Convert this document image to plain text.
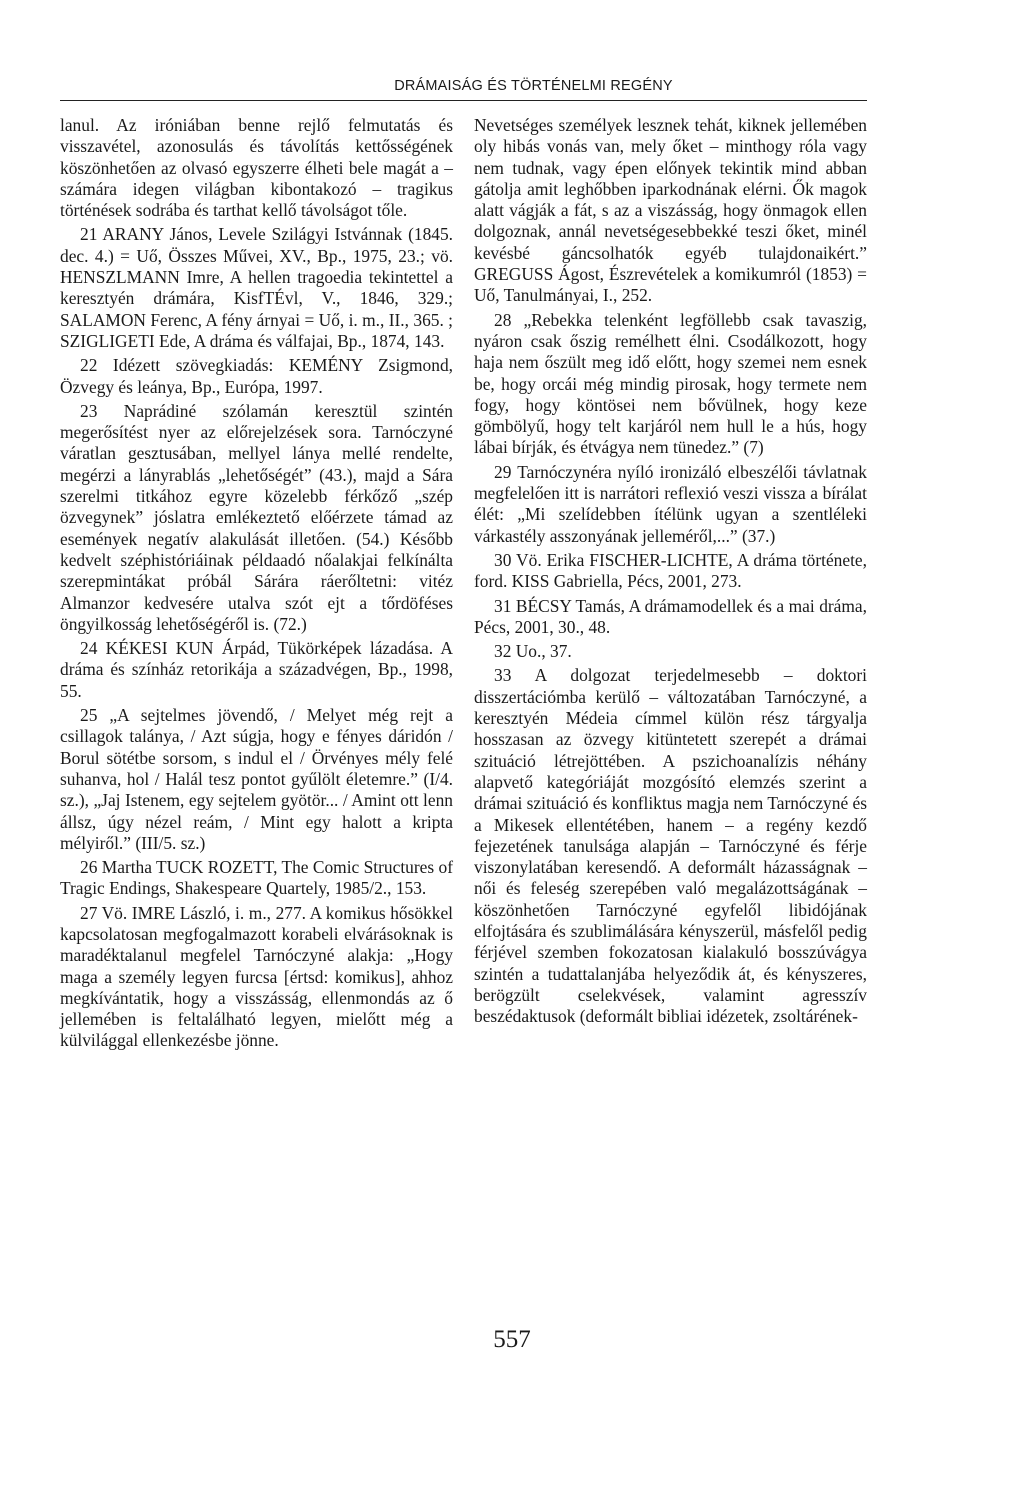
DRÁMAISÁG ÉS TÖRTÉNELMI REGÉNY

lanul. Az iróniában benne rejlő felmutatás és visszavétel, azonosulás és távolítás kettősségének köszönhetően az olvasó egyszerre élheti bele magát a – számára idegen világban kibontakozó – tragikus történések sodrába és tarthat kellő távolságot tőle.

21 ARANY János, Levele Szilágyi Istvánnak (1845. dec. 4.) = Uő, Összes Művei, XV., Bp., 1975, 23.; vö. HENSZLMANN Imre, A hellen tragoedia tekintettel a keresztyén drámára, KisfTÉvl, V., 1846, 329.; SALAMON Ferenc, A fény árnyai = Uő, i. m., II., 365. ; SZIGLIGETI Ede, A dráma és válfajai, Bp., 1874, 143.

22 Idézett szövegkiadás: KEMÉNY Zsigmond, Özvegy és leánya, Bp., Európa, 1997.

23 Naprádiné szólamán keresztül szintén megerősítést nyer az előrejelzések sora. Tarnóczyné váratlan gesztusában, mellyel lánya mellé rendelte, megérzi a lányrablás „lehetőségét” (43.), majd a Sára szerelmi titkához egyre közelebb férkőző „szép özvegynek” jóslatra emlékeztető előérzete támad az események negatív alakulását illetően. (54.) Később kedvelt széphistóriáinak példaadó nőalakjai felkínálta szerepmintákat próbál Sárára ráerőltetni: vitéz Almanzor kedvesére utalva szót ejt a tőrdöféses öngyilkosság lehetőségéről is. (72.)

24 KÉKESI KUN Árpád, Tükörképek lázadása. A dráma és színház retorikája a századvégen, Bp., 1998, 55.

25 „A sejtelmes jövendő, / Melyet még rejt a csillagok talánya, / Azt súgja, hogy e fényes dáridón / Borul sötétbe sorsom, s indul el / Örvényes mély felé suhanva, hol / Halál tesz pontot gyűlölt életemre.” (I/4. sz.), „Jaj Istenem, egy sejtelem gyötör... / Amint ott lenn állsz, úgy nézel reám, / Mint egy halott a kripta mélyiről.” (III/5. sz.)

26 Martha TUCK ROZETT, The Comic Structures of Tragic Endings, Shakespeare Quartely, 1985/2., 153.

27 Vö. IMRE László, i. m., 277. A komikus hősökkel kapcsolatosan megfogalmazott korabeli elvárásoknak is maradéktalanul megfelel Tarnóczyné alakja: „Hogy maga a személy legyen furcsa [értsd: komikus], ahhoz megkívántatik, hogy a visszásság, ellenmondás az ő jellemében is feltalálható legyen, mielőtt még a külvilággal ellenkezésbe jönne.

Nevetséges személyek lesznek tehát, kiknek jellemében oly hibás vonás van, mely őket – minthogy róla vagy nem tudnak, vagy épen előnyek tekintik mind abban gátolja amit leghőbben iparkodnának elérni. Ők magok alatt vágják a fát, s az a viszásság, hogy önmagok ellen dolgoznak, annál nevetségesebbekké teszi őket, minél kevésbé gáncsolhatók egyéb tulajdonaikért.” GREGUSS Ágost, Észrevételek a komikumról (1853) = Uő, Tanulmányai, I., 252.

28 „Rebekka telenként legföllebb csak tavaszig, nyáron csak őszig remélhett élni. Csodálkozott, hogy haja nem őszült meg idő előtt, hogy szemei nem esnek be, hogy orcái még mindig pirosak, hogy termete nem fogy, hogy köntösei nem bővülnek, hogy keze gömbölyű, hogy telt karjáról nem hull le a hús, hogy lábai bírják, és étvágya nem tünedez.” (7)

29 Tarnóczynéra nyíló ironizáló elbeszélői távlatnak megfelelően itt is narrátori reflexió veszi vissza a bírálat élét: „Mi szelídebben ítélünk ugyan a szentléleki várkastély asszonyának jelleméről,...” (37.)

30 Vö. Erika FISCHER-LICHTE, A dráma története, ford. KISS Gabriella, Pécs, 2001, 273.

31 BÉCSY Tamás, A drámamodellek és a mai dráma, Pécs, 2001, 30., 48.

32 Uo., 37.

33 A dolgozat terjedelmesebb – doktori disszertációmba kerülő – változatában Tarnóczyné, a keresztyén Médeia címmel külön rész tárgyalja hosszasan az özvegy kitüntetett szerepét a drámai szituáció létrejöttében. A pszichoanalízis néhány alapvető kategóriáját mozgósító elemzés szerint a drámai szituáció és konfliktus magja nem Tarnóczyné és a Mikesek ellentétében, hanem – a regény kezdő fejezetének tanulsága alapján – Tarnóczyné és férje viszonylatában keresendő. A deformált házasságnak – női és feleség szerepében való megalázottságának – köszönhetően Tarnóczyné egyfelől libidójának elfojtására és szublimálására kényszerül, másfelől pedig férjével szemben fokozatosan kialakuló bosszúvágya szintén a tudattalanjába helyeződik át, és kényszeres, berögzült cselekvések, valamint agresszív beszédaktusok (deformált bibliai idézetek, zsoltárének-

557
